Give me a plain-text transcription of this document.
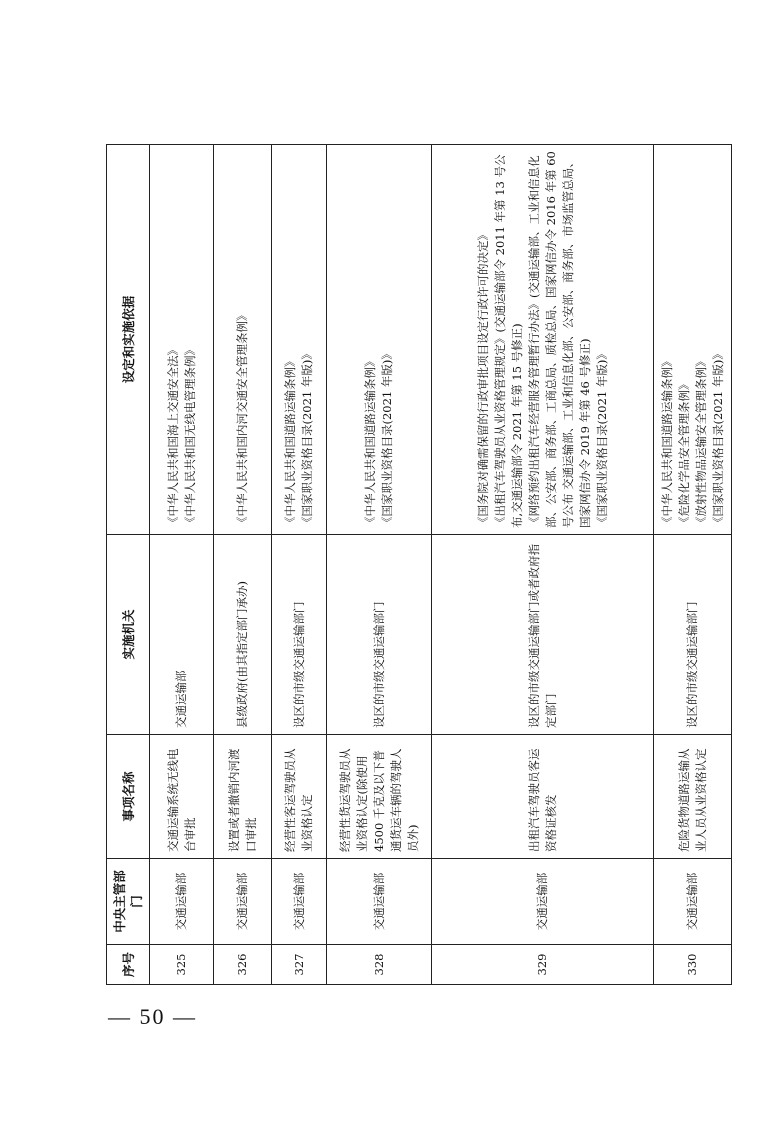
— 50 —
序号	中央主管部门	事项名称	实施机关	设定和实施依据
325	交通运输部	交通运输系统无线电台审批	交通运输部	《中华人民共和国海上交通安全法》 《中华人民共和国无线电管理条例》

326	交通运输部	设置或者撤销内河渡口审批	县级政府(由其指定部门承办)	《中华人民共和国内河交通安全管理条例》

327	交通运输部	经营性客运驾驶员从业资格认定	设区的市级交通运输部门	《中华人民共和国道路运输条例》 《国家职业资格目录(2021 年版)》

328	交通运输部	经营性货运驾驶员从业资格认定(除使用4500 千克及以下普通货运车辆的驾驶人员外)	设区的市级交通运输部门	《中华人民共和国道路运输条例》 《国家职业资格目录(2021 年版)》

329	交通运输部	出租汽车驾驶员客运资格证核发	设区的市级交通运输部门或者政府指定部门	《国务院对确需保留的行政审批项目设定行政许可的决定》 《出租汽车驾驶员从业资格管理规定》(交通运输部令 2011 年第 13 号公布,交通运输部令 2021 年第 15 号修正) 《网络预约出租汽车经营服务管理暂行办法》(交通运输部、工业和信息化部、公安部、商务部、工商总局、质检总局、国家网信办令 2016 年第 60 号公布 交通运输部、工业和信息化部、公安部、商务部、市场监管总局、国家网信办令 2019 年第 46 号修正) 《国家职业资格目录(2021 年版)》

330	交通运输部	危险货物道路运输从业人员从业资格认定	设区的市级交通运输部门	《中华人民共和国道路运输条例》 《危险化学品安全管理条例》 《放射性物品运输安全管理条例》 《国家职业资格目录(2021 年版)》
